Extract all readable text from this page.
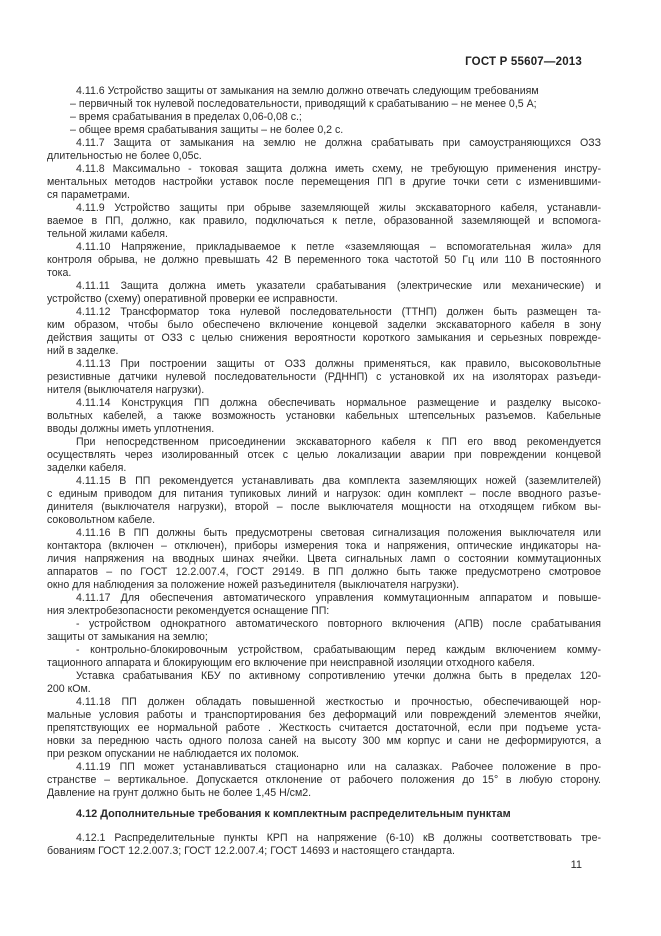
ГОСТ Р 55607—2013

4.11.6 Устройство защиты от замыкания на землю должно отвечать следующим требованиям

– первичный ток нулевой последовательности, приводящий к срабатыванию – не менее 0,5 А;

– время срабатывания в пределах 0,06-0,08 с.;

– общее время срабатывания защиты – не более 0,2 с.

4.11.7 Защита от замыкания на землю не должна срабатывать при самоустраняющихся ОЗЗ
длительностью не более 0,05с.

4.11.8 Максимально - токовая защита должна иметь схему, не требующую применения инстру-
ментальных методов настройки уставок после перемещения ПП в другие точки сети с изменившими-
ся параметрами.

4.11.9 Устройство защиты при обрыве заземляющей жилы экскаваторного кабеля, устанавли-
ваемое в ПП, должно, как правило, подключаться к петле, образованной заземляющей и вспомога-
тельной жилами кабеля.

4.11.10 Напряжение, прикладываемое к петле «заземляющая – вспомогательная жила» для
контроля обрыва, не должно превышать 42 В переменного тока частотой 50 Гц или 110 В постоянного
тока.

4.11.11 Защита должна иметь указатели срабатывания (электрические или механические) и
устройство (схему) оперативной проверки ее исправности.

4.11.12 Трансформатор тока нулевой последовательности (ТТНП) должен быть размещен та-
ким образом, чтобы было обеспечено включение концевой заделки экскаваторного кабеля в зону
действия защиты от ОЗЗ с целью снижения вероятности короткого замыкания и серьезных поврежде-
ний в заделке.

4.11.13 При построении защиты от ОЗЗ должны применяться, как правило, высоковольтные
резистивные датчики нулевой последовательности (РДННП) с установкой их на изоляторах разъеди-
нителя (выключателя нагрузки).

4.11.14 Конструкция ПП должна обеспечивать нормальное размещение и разделку высоко-
вольтных кабелей, а также возможность установки кабельных штепсельных разъемов. Кабельные
вводы должны иметь уплотнения.

При непосредственном присоединении экскаваторного кабеля к ПП его ввод рекомендуется
осуществлять через изолированный отсек с целью локализации аварии при повреждении концевой
заделки кабеля.

4.11.15 В ПП рекомендуется устанавливать два комплекта заземляющих ножей (заземлителей)
с единым приводом для питания тупиковых линий и нагрузок: один комплект – после вводного разъе-
динителя (выключателя нагрузки), второй – после выключателя мощности на отходящем гибком вы-
соковольтном кабеле.

4.11.16 В ПП должны быть предусмотрены световая сигнализация положения выключателя или
контактора (включен – отключен), приборы измерения тока и напряжения, оптические индикаторы на-
личия напряжения на вводных шинах ячейки. Цвета сигнальных ламп о состоянии коммутационных
аппаратов – по ГОСТ 12.2.007.4, ГОСТ 29149. В ПП должно быть также предусмотрено смотровое
окно для наблюдения за положение ножей разъединителя (выключателя нагрузки).

4.11.17 Для обеспечения автоматического управления коммутационным аппаратом и повыше-
ния электробезопасности рекомендуется оснащение ПП:

- устройством однократного автоматического повторного включения (АПВ) после срабатывания
защиты от замыкания на землю;

- контрольно-блокировочным устройством, срабатывающим перед каждым включением комму-
тационного аппарата и блокирующим его включение при неисправной изоляции отходного кабеля.

Уставка срабатывания КБУ по активному сопротивлению утечки должна быть в пределах 120-
200 кОм.

4.11.18 ПП должен обладать повышенной жесткостью и прочностью, обеспечивающей нор-
мальные условия работы и транспортирования без деформаций или повреждений элементов ячейки,
препятствующих ее нормальной работе . Жесткость считается достаточной, если при подъеме уста-
новки за переднюю часть одного полоза саней на высоту 300 мм корпус и сани не деформируются, а
при резком опускании не наблюдается их поломок.

4.11.19 ПП может устанавливаться стационарно или на салазках. Рабочее положение в про-
странстве – вертикальное. Допускается отклонение от рабочего положения до 15° в любую сторону.
Давление на грунт должно быть не более 1,45 Н/см2.

4.12 Дополнительные требования к комплектным распределительным пунктам

4.12.1 Распределительные пункты КРП на напряжение (6-10) кВ должны соответствовать тре-
бованиям ГОСТ 12.2.007.3; ГОСТ 12.2.007.4; ГОСТ 14693 и настоящего стандарта.

11
